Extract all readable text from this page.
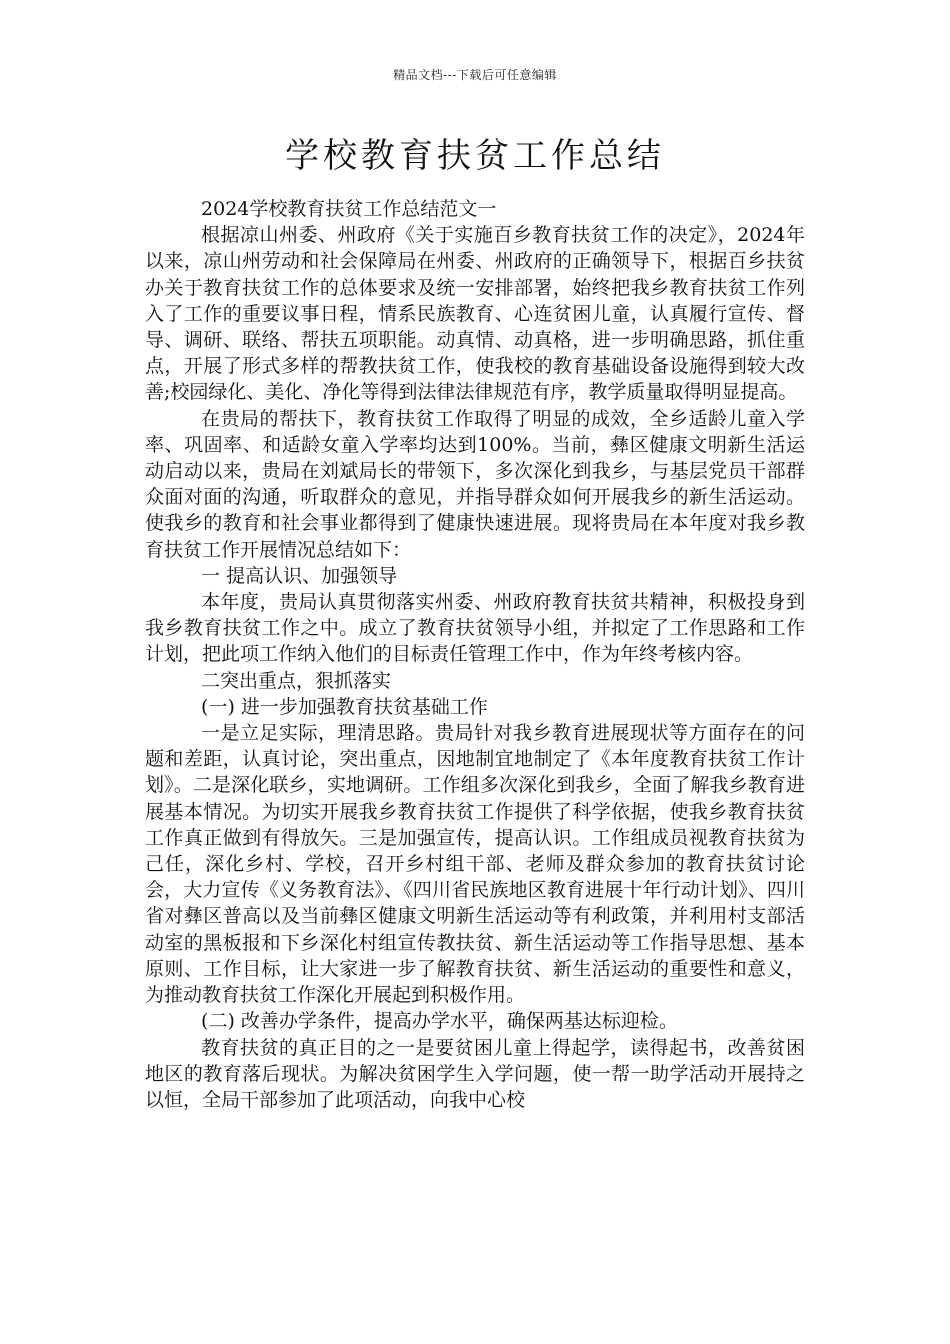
精品文档---下载后可任意编辑
学校教育扶贫工作总结

2024学校教育扶贫工作总结范文一

根据凉山州委、州政府《关于实施百乡教育扶贫工作的决定》，2024年以来，凉山州劳动和社会保障局在州委、州政府的正确领导下，根据百乡扶贫办关于教育扶贫工作的总体要求及统一安排部署，始终把我乡教育扶贫工作列入了工作的重要议事日程，情系民族教育、心连贫困儿童，认真履行宣传、督导、调研、联络、帮扶五项职能。动真情、动真格，进一步明确思路，抓住重点，开展了形式多样的帮教扶贫工作，使我校的教育基础设备设施得到较大改善;校园绿化、美化、净化等得到法律法律规范有序，教学质量取得明显提高。

在贵局的帮扶下，教育扶贫工作取得了明显的成效，全乡适龄儿童入学率、巩固率、和适龄女童入学率均达到100%。当前，彝区健康文明新生活运动启动以来，贵局在刘斌局长的带领下，多次深化到我乡，与基层党员干部群众面对面的沟通，听取群众的意见，并指导群众如何开展我乡的新生活运动。使我乡的教育和社会事业都得到了健康快速进展。现将贵局在本年度对我乡教育扶贫工作开展情况总结如下：

一 提高认识、加强领导

本年度，贵局认真贯彻落实州委、州政府教育扶贫共精神，积极投身到我乡教育扶贫工作之中。成立了教育扶贫领导小组，并拟定了工作思路和工作计划，把此项工作纳入他们的目标责任管理工作中，作为年终考核内容。

二突出重点，狠抓落实

(一) 进一步加强教育扶贫基础工作

一是立足实际，理清思路。贵局针对我乡教育进展现状等方面存在的问题和差距，认真讨论，突出重点，因地制宜地制定了《本年度教育扶贫工作计划》。二是深化联乡，实地调研。工作组多次深化到我乡，全面了解我乡教育进展基本情况。为切实开展我乡教育扶贫工作提供了科学依据，使我乡教育扶贫工作真正做到有得放矢。三是加强宣传，提高认识。工作组成员视教育扶贫为己任，深化乡村、学校，召开乡村组干部、老师及群众参加的教育扶贫讨论会，大力宣传《义务教育法》、《四川省民族地区教育进展十年行动计划》、四川省对彝区普高以及当前彝区健康文明新生活运动等有利政策，并利用村支部活动室的黑板报和下乡深化村组宣传教扶贫、新生活运动等工作指导思想、基本原则、工作目标，让大家进一步了解教育扶贫、新生活运动的重要性和意义，为推动教育扶贫工作深化开展起到积极作用。

(二) 改善办学条件，提高办学水平，确保两基达标迎检。

教育扶贫的真正目的之一是要贫困儿童上得起学，读得起书，改善贫困地区的教育落后现状。为解决贫困学生入学问题，使一帮一助学活动开展持之以恒，全局干部参加了此项活动，向我中心校
